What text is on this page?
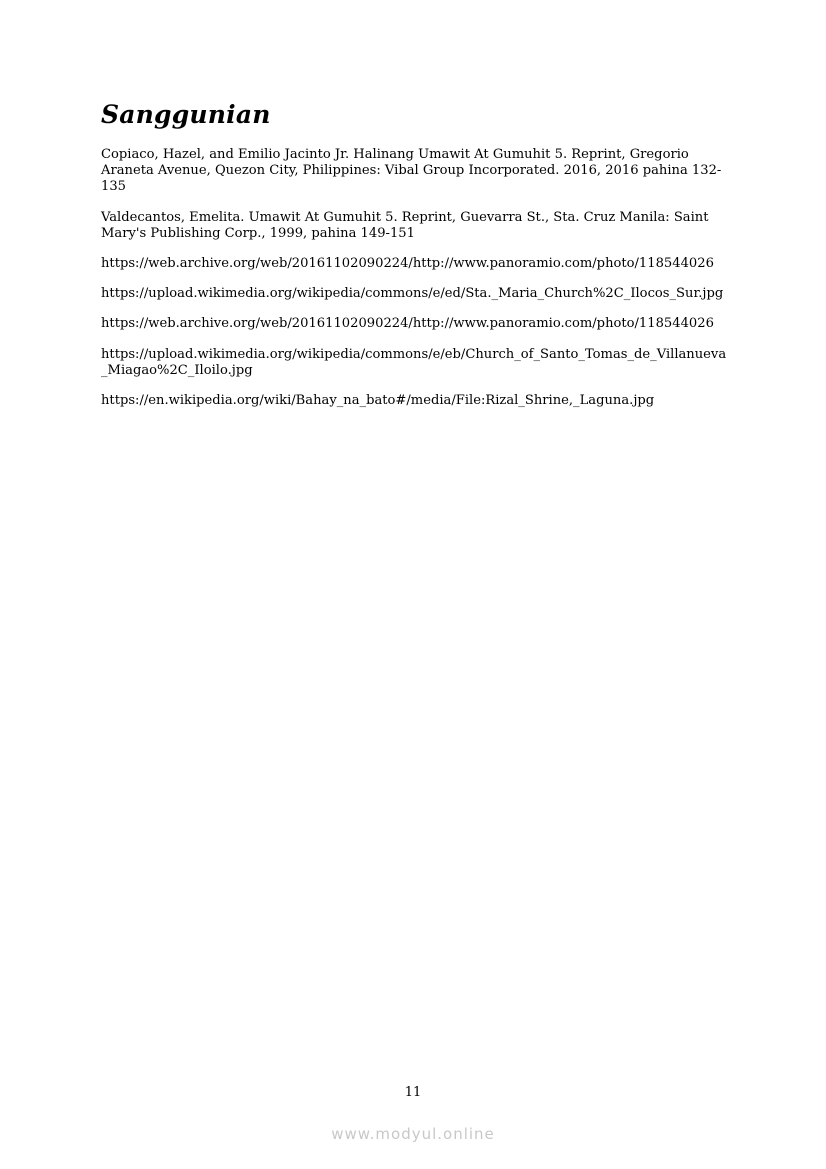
Sanggunian
Copiaco, Hazel, and Emilio Jacinto Jr. Halinang Umawit At Gumuhit 5. Reprint, Gregorio Araneta Avenue, Quezon City, Philippines: Vibal Group Incorporated. 2016, 2016 pahina 132-135
Valdecantos, Emelita. Umawit At Gumuhit 5. Reprint, Guevarra St., Sta. Cruz Manila: Saint Mary's Publishing Corp., 1999, pahina 149-151
https://web.archive.org/web/20161102090224/http://www.panoramio.com/photo/118544026
https://upload.wikimedia.org/wikipedia/commons/e/ed/Sta._Maria_Church%2C_Ilocos_Sur.jpg
https://web.archive.org/web/20161102090224/http://www.panoramio.com/photo/118544026
https://upload.wikimedia.org/wikipedia/commons/e/eb/Church_of_Santo_Tomas_de_Villanueva_Miagao%2C_Iloilo.jpg
https://en.wikipedia.org/wiki/Bahay_na_bato#/media/File:Rizal_Shrine,_Laguna.jpg
11
www.modyul.online
